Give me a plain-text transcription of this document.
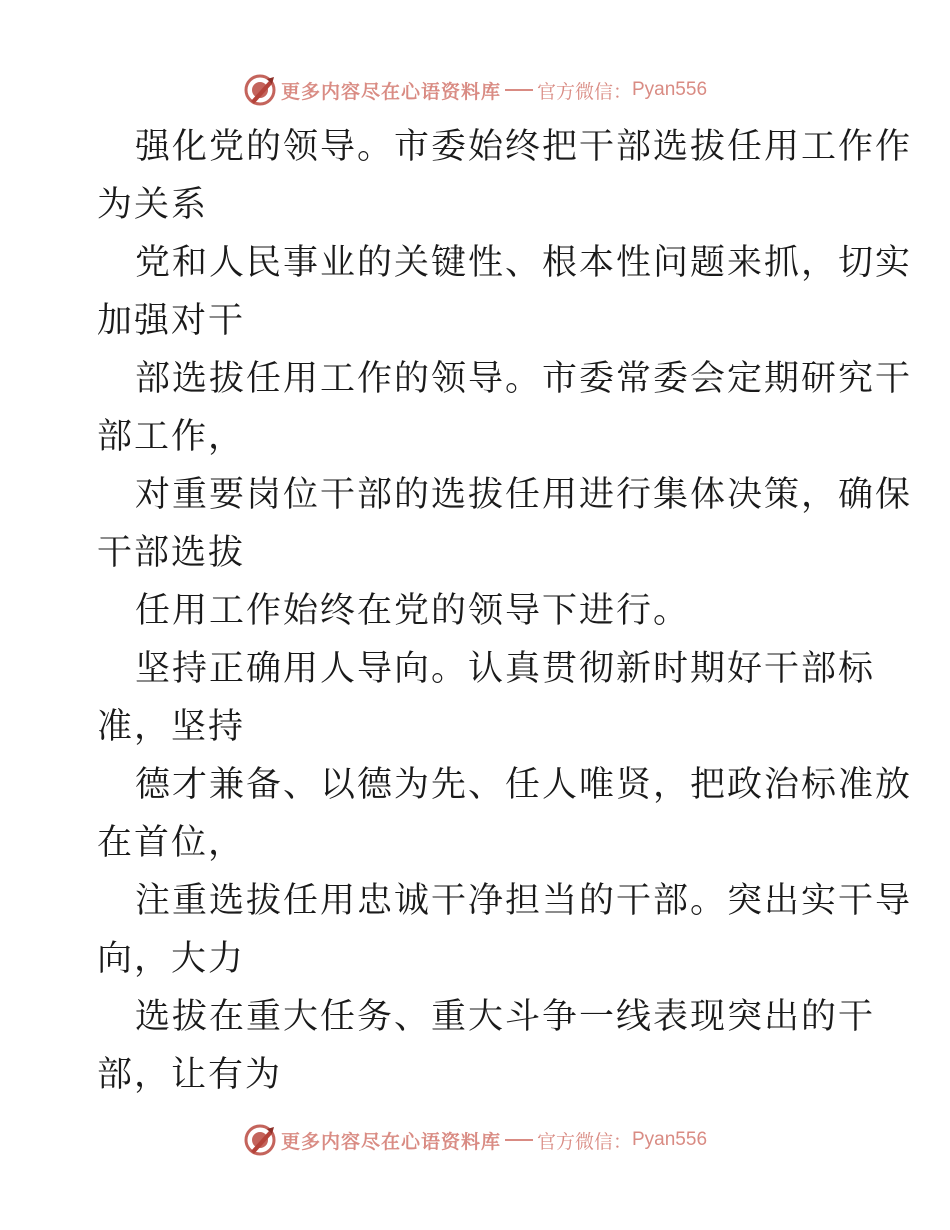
更多内容尽在心语资料库 官方微信： Pyan556
强化党的领导。市委始终把干部选拔任用工作作
为关系
党和人民事业的关键性、根本性问题来抓，切实
加强对干
部选拔任用工作的领导。市委常委会定期研究干
部工作，
对重要岗位干部的选拔任用进行集体决策，确保
干部选拔
任用工作始终在党的领导下进行。
坚持正确用人导向。认真贯彻新时期好干部标
准，坚持
德才兼备、以德为先、任人唯贤，把政治标准放
在首位，
注重选拔任用忠诚干净担当的干部。突出实干导
向，大力
选拔在重大任务、重大斗争一线表现突出的干
部，让有为
更多内容尽在心语资料库 官方微信： Pyan556
